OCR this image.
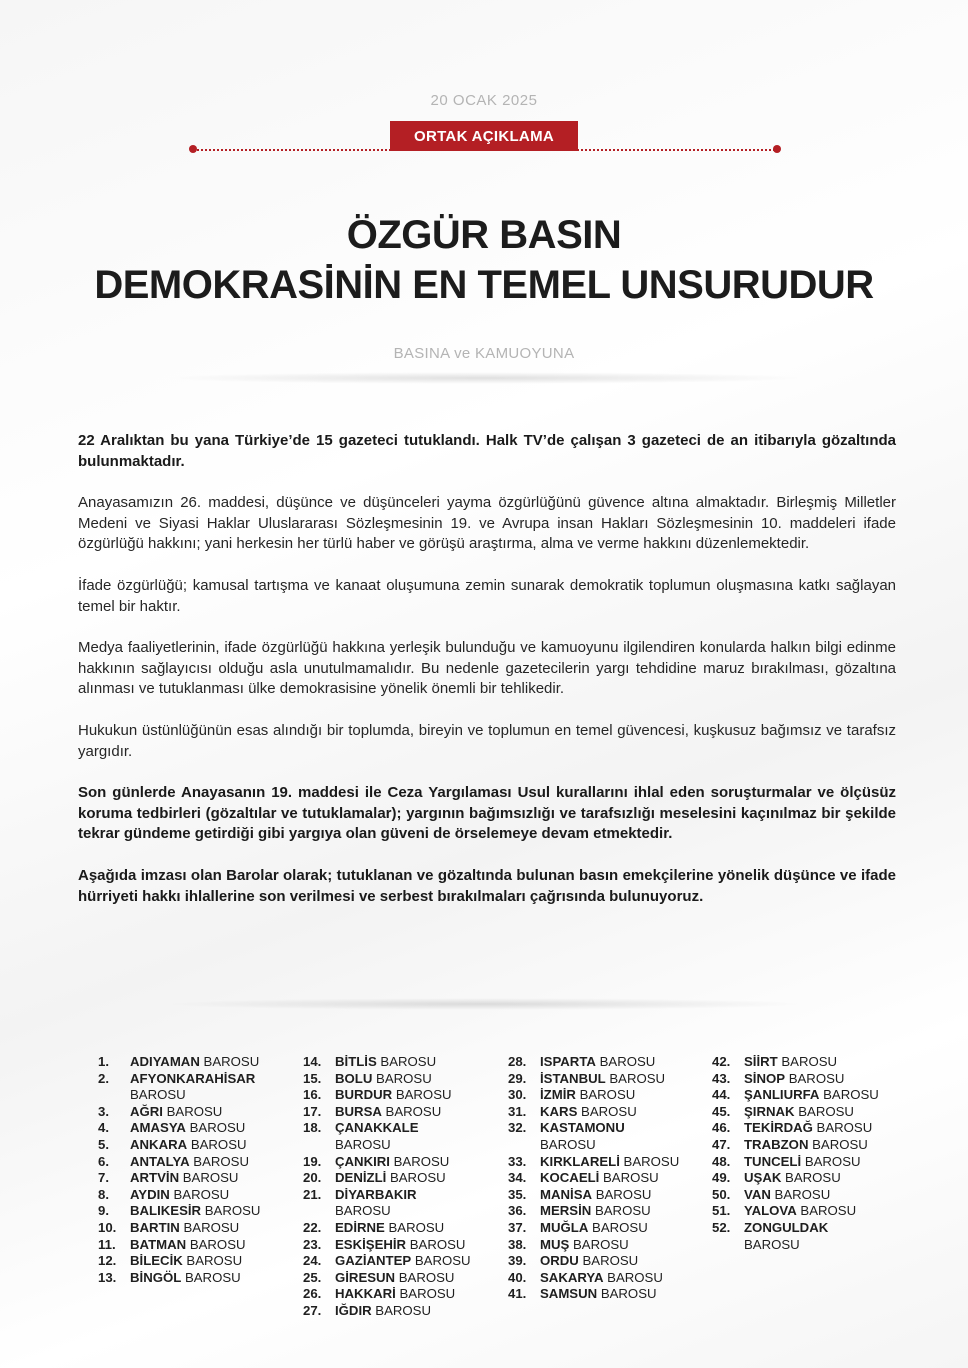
20 OCAK 2025
ORTAK AÇIKLAMA
ÖZGÜR BASIN
DEMOKRASİNİN EN TEMEL UNSURUDUR
BASINA ve KAMUOYUNA

22 Aralıktan bu yana Türkiye’de 15 gazeteci tutuklandı. Halk TV’de çalışan 3 gazeteci de an itibarıyla gözaltında bulunmaktadır.

Anayasamızın 26. maddesi, düşünce ve düşünceleri yayma özgürlüğünü güvence altına almaktadır. Birleşmiş Milletler Medeni ve Siyasi Haklar Uluslararası Sözleşmesinin 19. ve Avrupa insan Hakları Sözleşmesinin 10. maddeleri ifade özgürlüğü hakkını; yani herkesin her türlü haber ve görüşü araştırma, alma ve verme hakkını düzenlemektedir.

İfade özgürlüğü; kamusal tartışma ve kanaat oluşumuna zemin sunarak demokratik toplumun oluşmasına katkı sağlayan temel bir haktır.

Medya faaliyetlerinin, ifade özgürlüğü hakkına yerleşik bulunduğu ve kamuoyunu ilgilendiren konularda halkın bilgi edinme hakkının sağlayıcısı olduğu asla unutulmamalıdır. Bu nedenle gazetecilerin yargı tehdidine maruz bırakılması, gözaltına alınması ve tutuklanması ülke demokrasisine yönelik önemli bir tehlikedir.

Hukukun üstünlüğünün esas alındığı bir toplumda, bireyin ve toplumun en temel güvencesi, kuşkusuz bağımsız ve tarafsız yargıdır.

Son günlerde Anayasanın 19. maddesi ile Ceza Yargılaması Usul kurallarını ihlal eden soruşturmalar ve ölçüsüz koruma tedbirleri (gözaltılar ve tutuklamalar); yargının bağımsızlığı ve tarafsızlığı meselesini kaçınılmaz bir şekilde tekrar gündeme getirdiği gibi yargıya olan güveni de örselemeye devam etmektedir.

Aşağıda imzası olan Barolar olarak; tutuklanan ve gözaltında bulunan basın emekçilerine yönelik düşünce ve ifade hürriyeti hakkı ihlallerine son verilmesi ve serbest bırakılmaları çağrısında bulunuyoruz.

1.	ADIYAMAN BAROSU
2.	AFYONKARAHİSAR BAROSU
3.	AĞRI BAROSU
4.	AMASYA BAROSU
5.	ANKARA BAROSU
6.	ANTALYA BAROSU
7.	ARTVİN BAROSU
8.	AYDIN BAROSU
9.	BALIKESİR BAROSU
10.	BARTIN BAROSU
11.	BATMAN BAROSU
12.	BİLECİK BAROSU
13.	BİNGÖL BAROSU
14.	BİTLİS BAROSU
15.	BOLU BAROSU
16.	BURDUR BAROSU
17.	BURSA BAROSU
18.	ÇANAKKALE BAROSU
19.	ÇANKIRI BAROSU
20.	DENİZLİ BAROSU
21.	DİYARBAKIR BAROSU
22.	EDİRNE BAROSU
23.	ESKİŞEHİR BAROSU
24.	GAZİANTEP BAROSU
25.	GİRESUN BAROSU
26.	HAKKARİ BAROSU
27.	IĞDIR BAROSU
28.	ISPARTA BAROSU
29.	İSTANBUL BAROSU
30.	İZMİR BAROSU
31.	KARS BAROSU
32.	KASTAMONU BAROSU
33.	KIRKLARELİ BAROSU
34.	KOCAELİ BAROSU
35.	MANİSA BAROSU
36.	MERSİN BAROSU
37.	MUĞLA BAROSU
38.	MUŞ BAROSU
39.	ORDU BAROSU
40.	SAKARYA BAROSU
41.	SAMSUN BAROSU
42.	SİİRT BAROSU
43.	SİNOP BAROSU
44.	ŞANLIURFA BAROSU
45.	ŞIRNAK BAROSU
46.	TEKİRDAĞ BAROSU
47.	TRABZON BAROSU
48.	TUNCELİ BAROSU
49.	UŞAK BAROSU
50.	VAN BAROSU
51.	YALOVA BAROSU
52.	ZONGULDAK BAROSU
